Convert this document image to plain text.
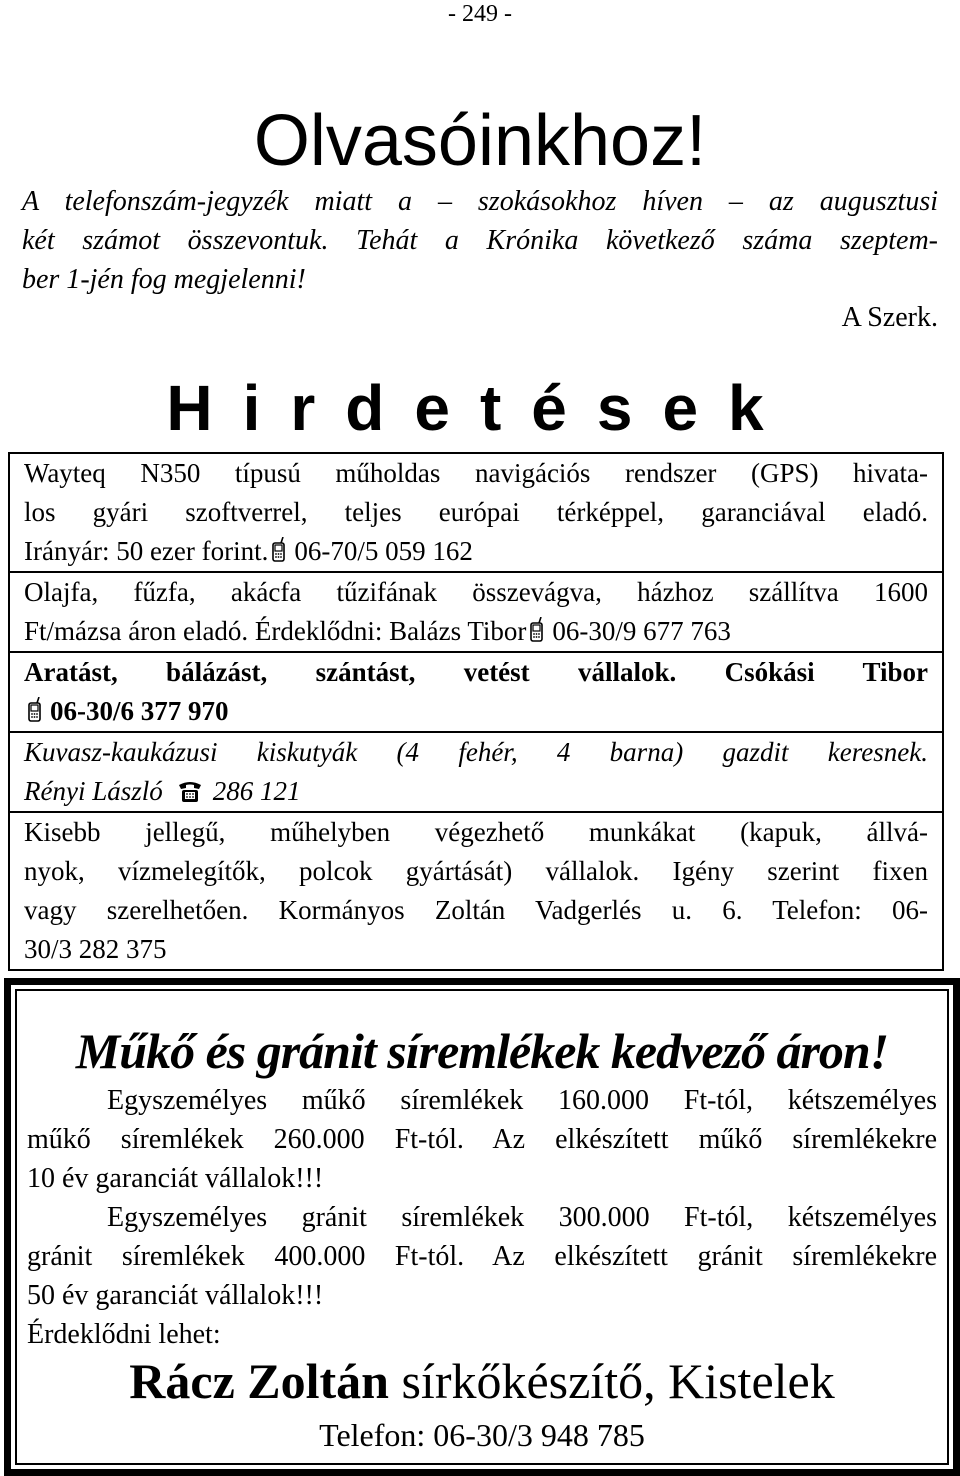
- 249 -
Olvasóinkhoz!
A telefonszám-jegyzék miatt a – szokásokhoz híven – az augusztusi
két számot összevontuk. Tehát a Krónika következő száma szeptem-
ber 1-jén fog megjelenni!
A Szerk.
Hirdetések
Wayteq N350 típusú műholdas navigációs rendszer (GPS) hivata-
los gyári szoftverrel, teljes európai térképpel, garanciával eladó.
Irányár: 50 ezer forint. 06-70/5 059 162
Olajfa, fűzfa, akácfa tűzifának összevágva, házhoz szállítva 1600
Ft/mázsa áron eladó. Érdeklődni: Balázs Tibor 06-30/9 677 763
Aratást, bálázást, szántást, vetést vállalok. Csókási Tibor
06-30/6 377 970
Kuvasz-kaukázusi kiskutyák (4 fehér, 4 barna) gazdit keresnek.
Rényi László 286 121
Kisebb jellegű, műhelyben végezhető munkákat (kapuk, állvá-
nyok, vízmelegítők, polcok gyártását) vállalok. Igény szerint fixen
vagy szerelhetően. Kormányos Zoltán Vadgerlés u. 6. Telefon: 06-
30/3 282 375
Műkő és gránit síremlékek kedvező áron!
Egyszemélyes műkő síremlékek 160.000 Ft-tól, kétszemélyes
műkő síremlékek 260.000 Ft-tól. Az elkészített műkő síremlékekre
10 év garanciát vállalok!!!
Egyszemélyes gránit síremlékek 300.000 Ft-tól, kétszemélyes
gránit síremlékek 400.000 Ft-tól. Az elkészített gránit síremlékekre
50 év garanciát vállalok!!!
Érdeklődni lehet:
Rácz Zoltán sírkőkészítő, Kistelek
Telefon: 06-30/3 948 785
